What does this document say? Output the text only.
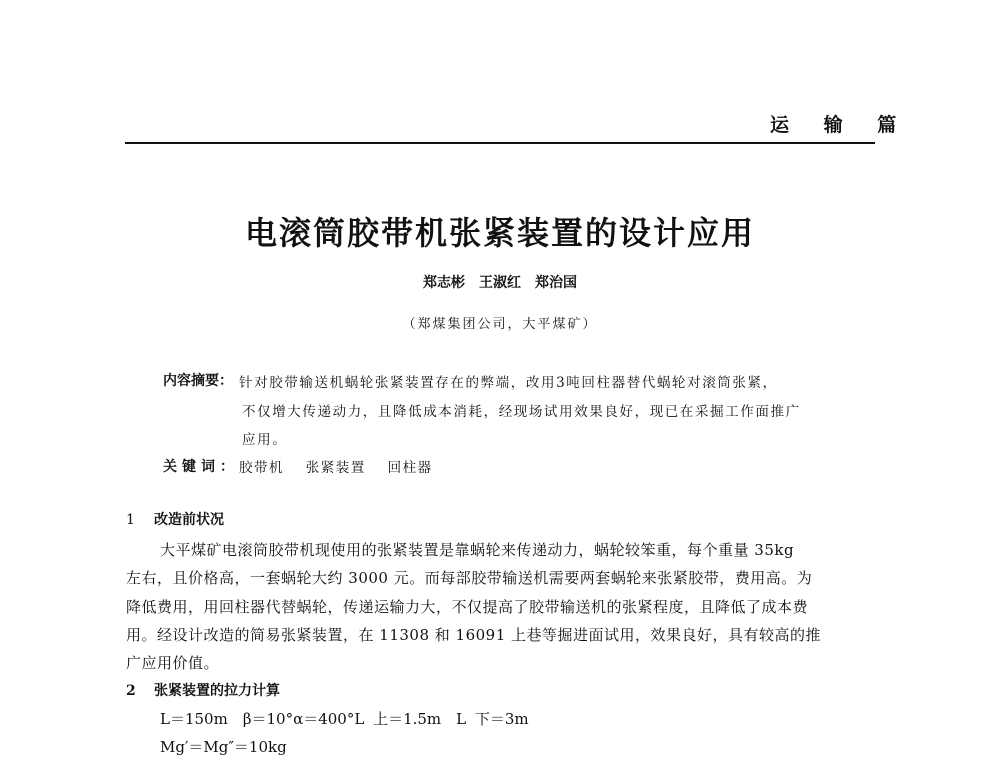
运 输 篇
电滚筒胶带机张紧装置的设计应用
郑志彬　王淑红　郑治国
（郑煤集团公司，大平煤矿）
内容摘要： 针对胶带输送机蜗轮张紧装置存在的弊端，改用3吨回柱器替代蜗轮对滚筒张紧，
不仅增大传递动力，且降低成本消耗，经现场试用效果良好，现已在采掘工作面推广
应用。
关键词： 胶带机 张紧装置 回柱器
1 改造前状况
大平煤矿电滚筒胶带机现使用的张紧装置是靠蜗轮来传递动力，蜗轮较笨重，每个重量 35kg
左右，且价格高，一套蜗轮大约 3000 元。而每部胶带输送机需要两套蜗轮来张紧胶带，费用高。为
降低费用，用回柱器代替蜗轮，传递运输力大，不仅提高了胶带输送机的张紧程度，且降低了成本费
用。经设计改造的简易张紧装置，在 11308 和 16091 上巷等掘进面试用，效果良好，具有较高的推
广应用价值。
2 张紧装置的拉力计算
L＝150m　β＝10°α＝400°L 上＝1.5m　L 下＝3m
Mg′＝Mg″＝10kg
